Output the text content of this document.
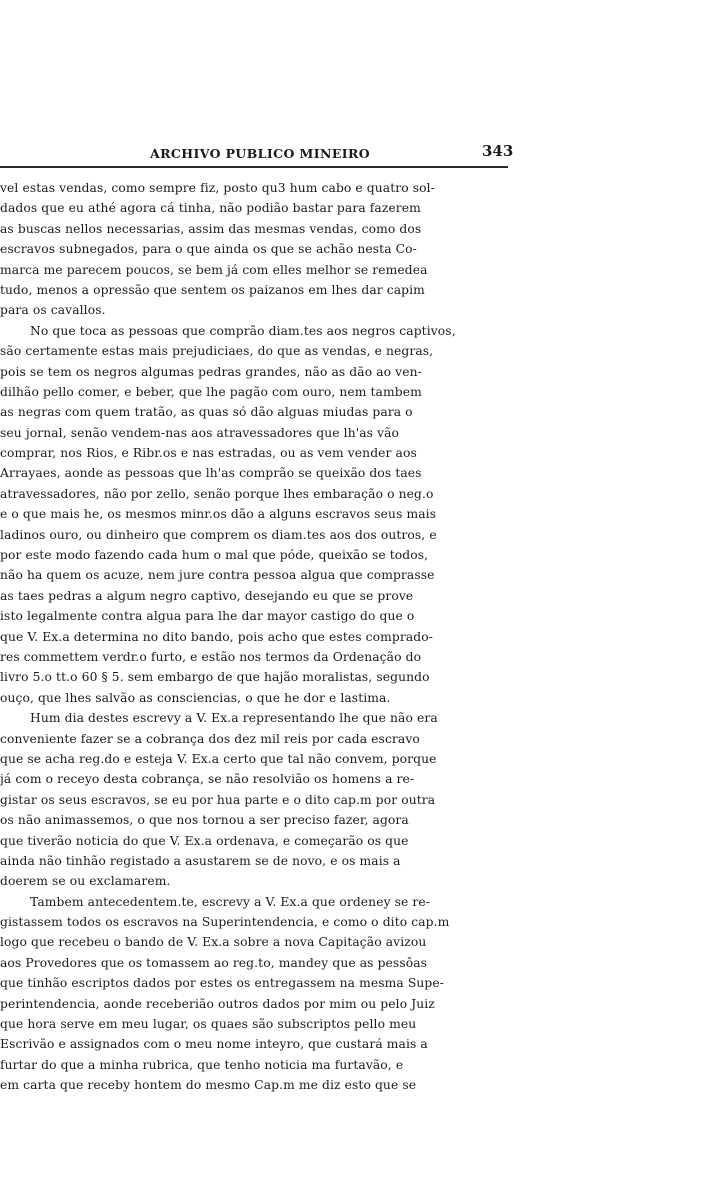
ARCHIVO PUBLICO MINEIRO	343
vel estas vendas, como sempre fiz, posto qu3 hum cabo e quatro sol-
dados que eu athé agora cá tinha, não podião bastar para fazerem
as buscas nellos necessarias, assim das mesmas vendas, como dos
escravos subnegados, para o que ainda os que se achão nesta Co-
marca me parecem poucos, se bem já com elles melhor se remedea
tudo, menos a opressão que sentem os paizanos em lhes dar capim
para os cavallos.
No que toca as pessoas que comprão diam.tes aos negros captivos,
são certamente estas mais prejudiciaes, do que as vendas, e negras,
pois se tem os negros algumas pedras grandes, não as dão ao ven-
dilhão pello comer, e beber, que lhe pagão com ouro, nem tambem
as negras com quem tratão, as quas só dão alguas miudas para o
seu jornal, senão vendem-nas aos atravessadores que lh'as vão
comprar, nos Rios, e Ribr.os e nas estradas, ou as vem vender aos
Arrayaes, aonde as pessoas que lh'as comprão se queixão dos taes
atravessadores, não por zello, senão porque lhes embaração o neg.o
e o que mais he, os mesmos minr.os dão a alguns escravos seus mais
ladinos ouro, ou dinheiro que comprem os diam.tes aos dos outros, e
por este modo fazendo cada hum o mal que póde, queixão se todos,
não ha quem os acuze, nem jure contra pessoa algua que comprasse
as taes pedras a algum negro captivo, desejando eu que se prove
isto legalmente contra algua para lhe dar mayor castigo do que o
que V. Ex.a determina no dito bando, pois acho que estes comprado-
res commettem verdr.o furto, e estão nos termos da Ordenação do
livro 5.o tt.o 60 § 5. sem embargo de que hajão moralistas, segundo
ouço, que lhes salvão as consciencias, o que he dor e lastima.
Hum dia destes escrevy a V. Ex.a representando lhe que não era
conveniente fazer se a cobrança dos dez mil reis por cada escravo
que se acha reg.do e esteja V. Ex.a certo que tal não convem, porque
já com o receyo desta cobrança, se não resolvião os homens a re-
gistar os seus escravos, se eu por hua parte e o dito cap.m por outra
os não animassemos, o que nos tornou a ser preciso fazer, agora
que tiverão noticia do que V. Ex.a ordenava, e começarão os que
ainda não tinhão registado a asustarem se de novo, e os mais a
doerem se ou exclamarem.
Tambem antecedentem.te, escrevy a V. Ex.a que ordeney se re-
gistassem todos os escravos na Superintendencia, e como o dito cap.m
logo que recebeu o bando de V. Ex.a sobre a nova Capitação avizou
aos Provedores que os tomassem ao reg.to, mandey que as pessôas
que tinhão escriptos dados por estes os entregassem na mesma Supe-
perintendencia, aonde receberião outros dados por mim ou pelo Juiz
que hora serve em meu lugar, os quaes são subscriptos pello meu
Escrivão e assignados com o meu nome inteyro, que custará mais a
furtar do que a minha rubrica, que tenho noticia ma furtavão, e
em carta que receby hontem do mesmo Cap.m me diz esto que se
